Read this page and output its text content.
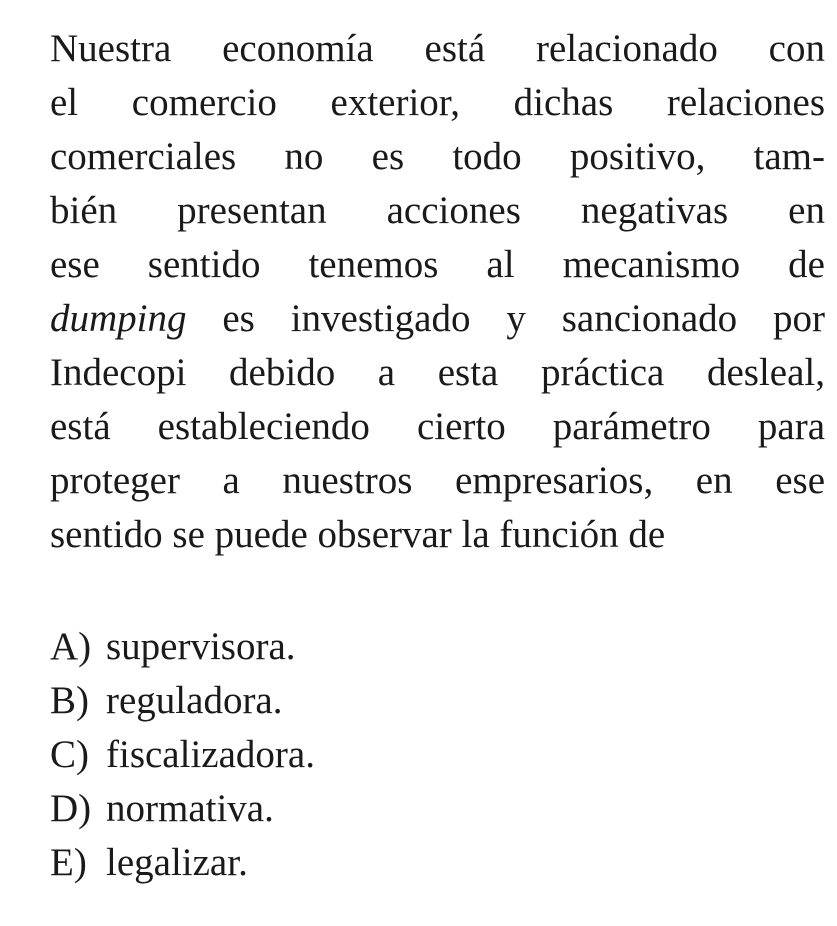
Nuestra economía está relacionado con
el comercio exterior, dichas relaciones
comerciales no es todo positivo, tam-
bién presentan acciones negativas en
ese sentido tenemos al mecanismo de
dumping es investigado y sancionado por
Indecopi debido a esta práctica desleal,
está estableciendo cierto parámetro para
proteger a nuestros empresarios, en ese
sentido se puede observar la función de
A) supervisora.
B) reguladora.
C) fiscalizadora.
D) normativa.
E) legalizar.
